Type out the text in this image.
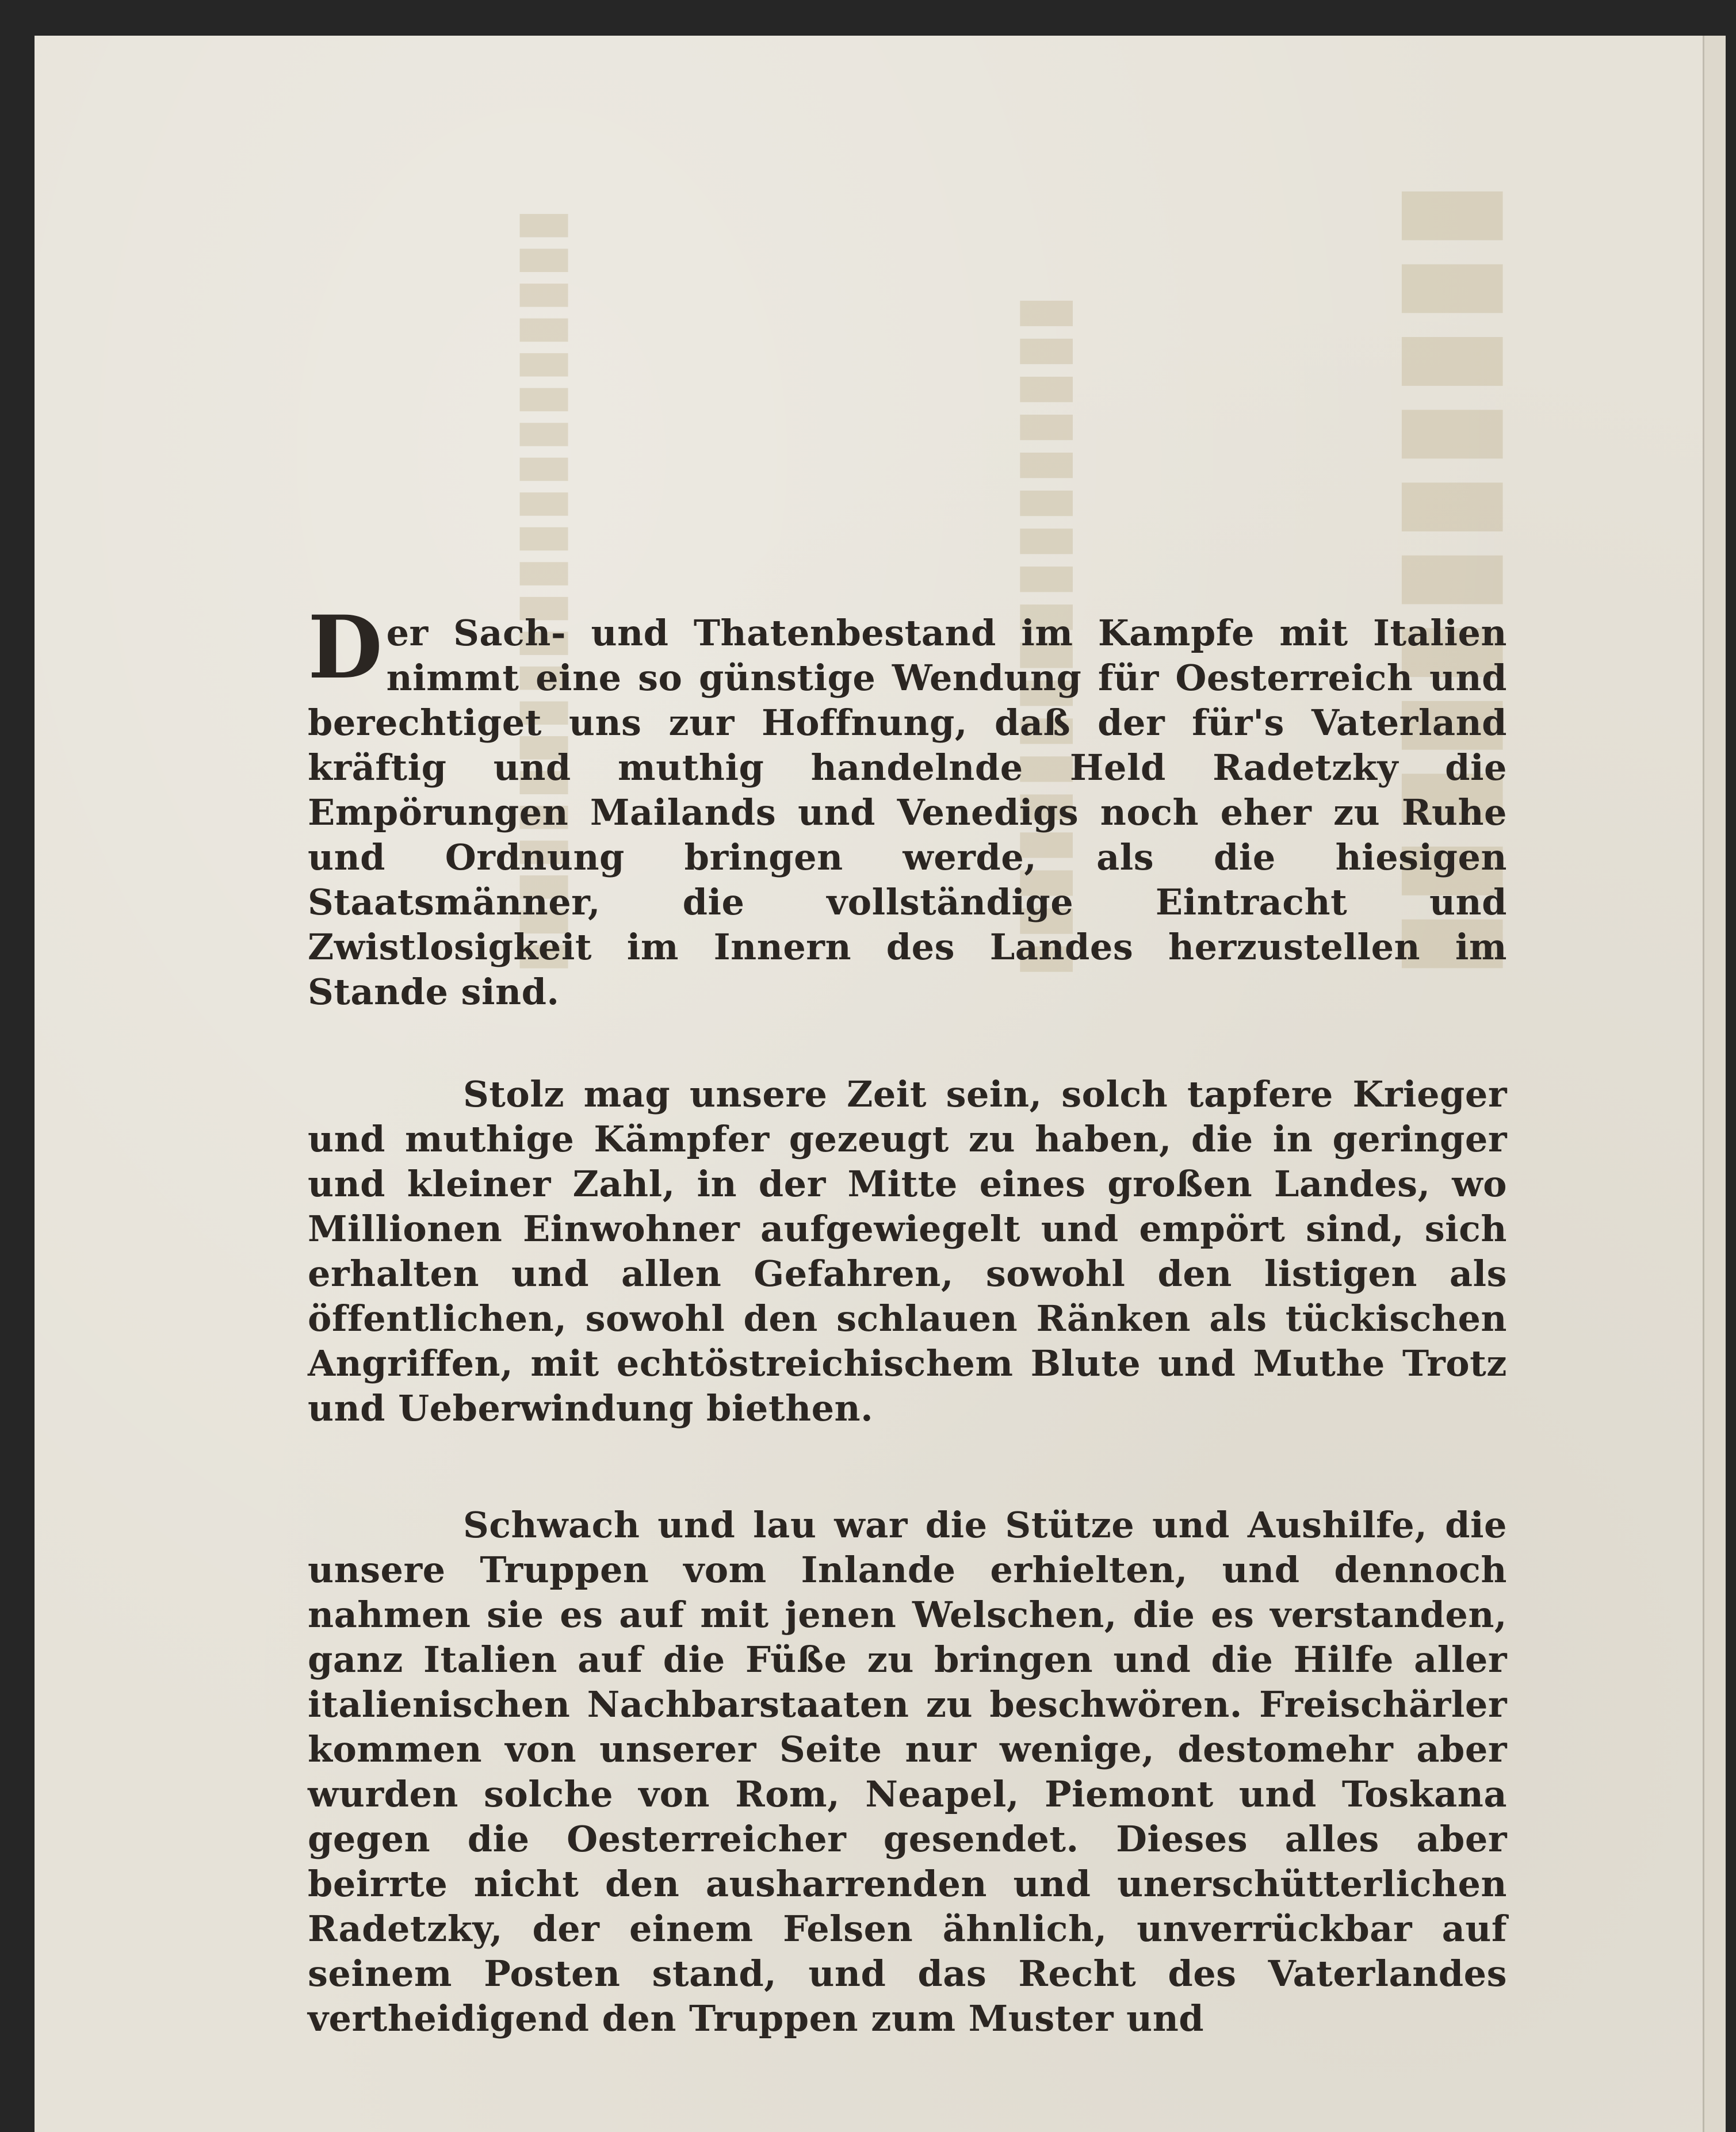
▮▮▮▮▮▮▮▮▮▮▮
▮▮▮▮▮▮▮▮▮▮▮▮▮▮▮▮▮▮
▮▮▮▮▮▮▮▮▮▮▮▮▮▮▮▮▮▮▮▮▮▮

Der Sach- und Thatenbestand im Kampfe mit Italien nimmt eine so günstige Wendung für Oesterreich und berechtiget uns zur Hoffnung, daß der für's Vaterland kräftig und muthig handelnde Held Radetzky die Empörungen Mailands und Venedigs noch eher zu Ruhe und Ordnung bringen werde, als die hiesigen Staatsmänner, die vollständige Eintracht und Zwistlosigkeit im Innern des Landes herzustellen im Stande sind.

Stolz mag unsere Zeit sein, solch tapfere Krieger und muthige Kämpfer gezeugt zu haben, die in geringer und kleiner Zahl, in der Mitte eines großen Landes, wo Millionen Einwohner aufgewiegelt und empört sind, sich erhalten und allen Gefahren, sowohl den listigen als öffentlichen, sowohl den schlauen Ränken als tückischen Angriffen, mit echtöstreichischem Blute und Muthe Trotz und Ueberwindung biethen.

Schwach und lau war die Stütze und Aushilfe, die unsere Truppen vom Inlande erhielten, und dennoch nahmen sie es auf mit jenen Welschen, die es verstanden, ganz Italien auf die Füße zu bringen und die Hilfe aller italienischen Nachbarstaaten zu beschwören. Freischärler kommen von unserer Seite nur wenige, destomehr aber wurden solche von Rom, Neapel, Piemont und Toskana gegen die Oesterreicher gesendet. Dieses alles aber beirrte nicht den ausharrenden und unerschütterlichen Radetzky, der einem Felsen ähnlich, unverrückbar auf seinem Posten stand, und das Recht des Vaterlandes vertheidigend den Truppen zum Muster und
